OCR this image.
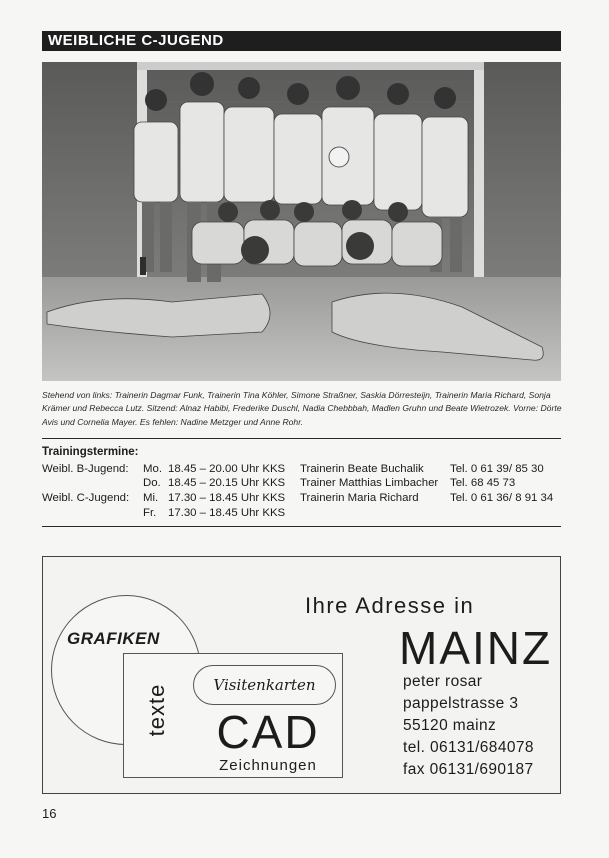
WEIBLICHE C-JUGEND
Stehend von links: Trainerin Dagmar Funk, Trainerin Tina Köhler, Simone Straßner, Saskia Dörresteijn, Trainerin Maria Richard, Sonja Krämer und Rebecca Lutz. Sitzend: Alnaz Habibi, Frederike Duschl, Nadia Chebbbah, Madlen Gruhn und Beate Wietrozek. Vorne: Dörte Avis und Cornelia Mayer. Es fehlen: Nadine Metzger und Anne Rohr.
Trainingstermine:
Weibl. B-Jugend: Mo. 18.45 – 20.00 Uhr KKS Trainerin Beate Buchalik Tel. 0 61 39/ 85 30
Do. 18.45 – 20.15 Uhr KKS Trainer Matthias Limbacher Tel. 68 45 73
Weibl. C-Jugend: Mi. 17.30 – 18.45 Uhr KKS Trainerin Maria Richard	Tel. 0 61 36/ 8 91 34
Fr. 17.30 – 18.45 Uhr KKS
GRAFIKEN
texte	Visitenkarten
CAD
Zeichnungen
Ihre Adresse in
MAINZ
peter rosar
pappelstrasse 3
55120 mainz
tel. 06131/684078
fax 06131/690187
16
